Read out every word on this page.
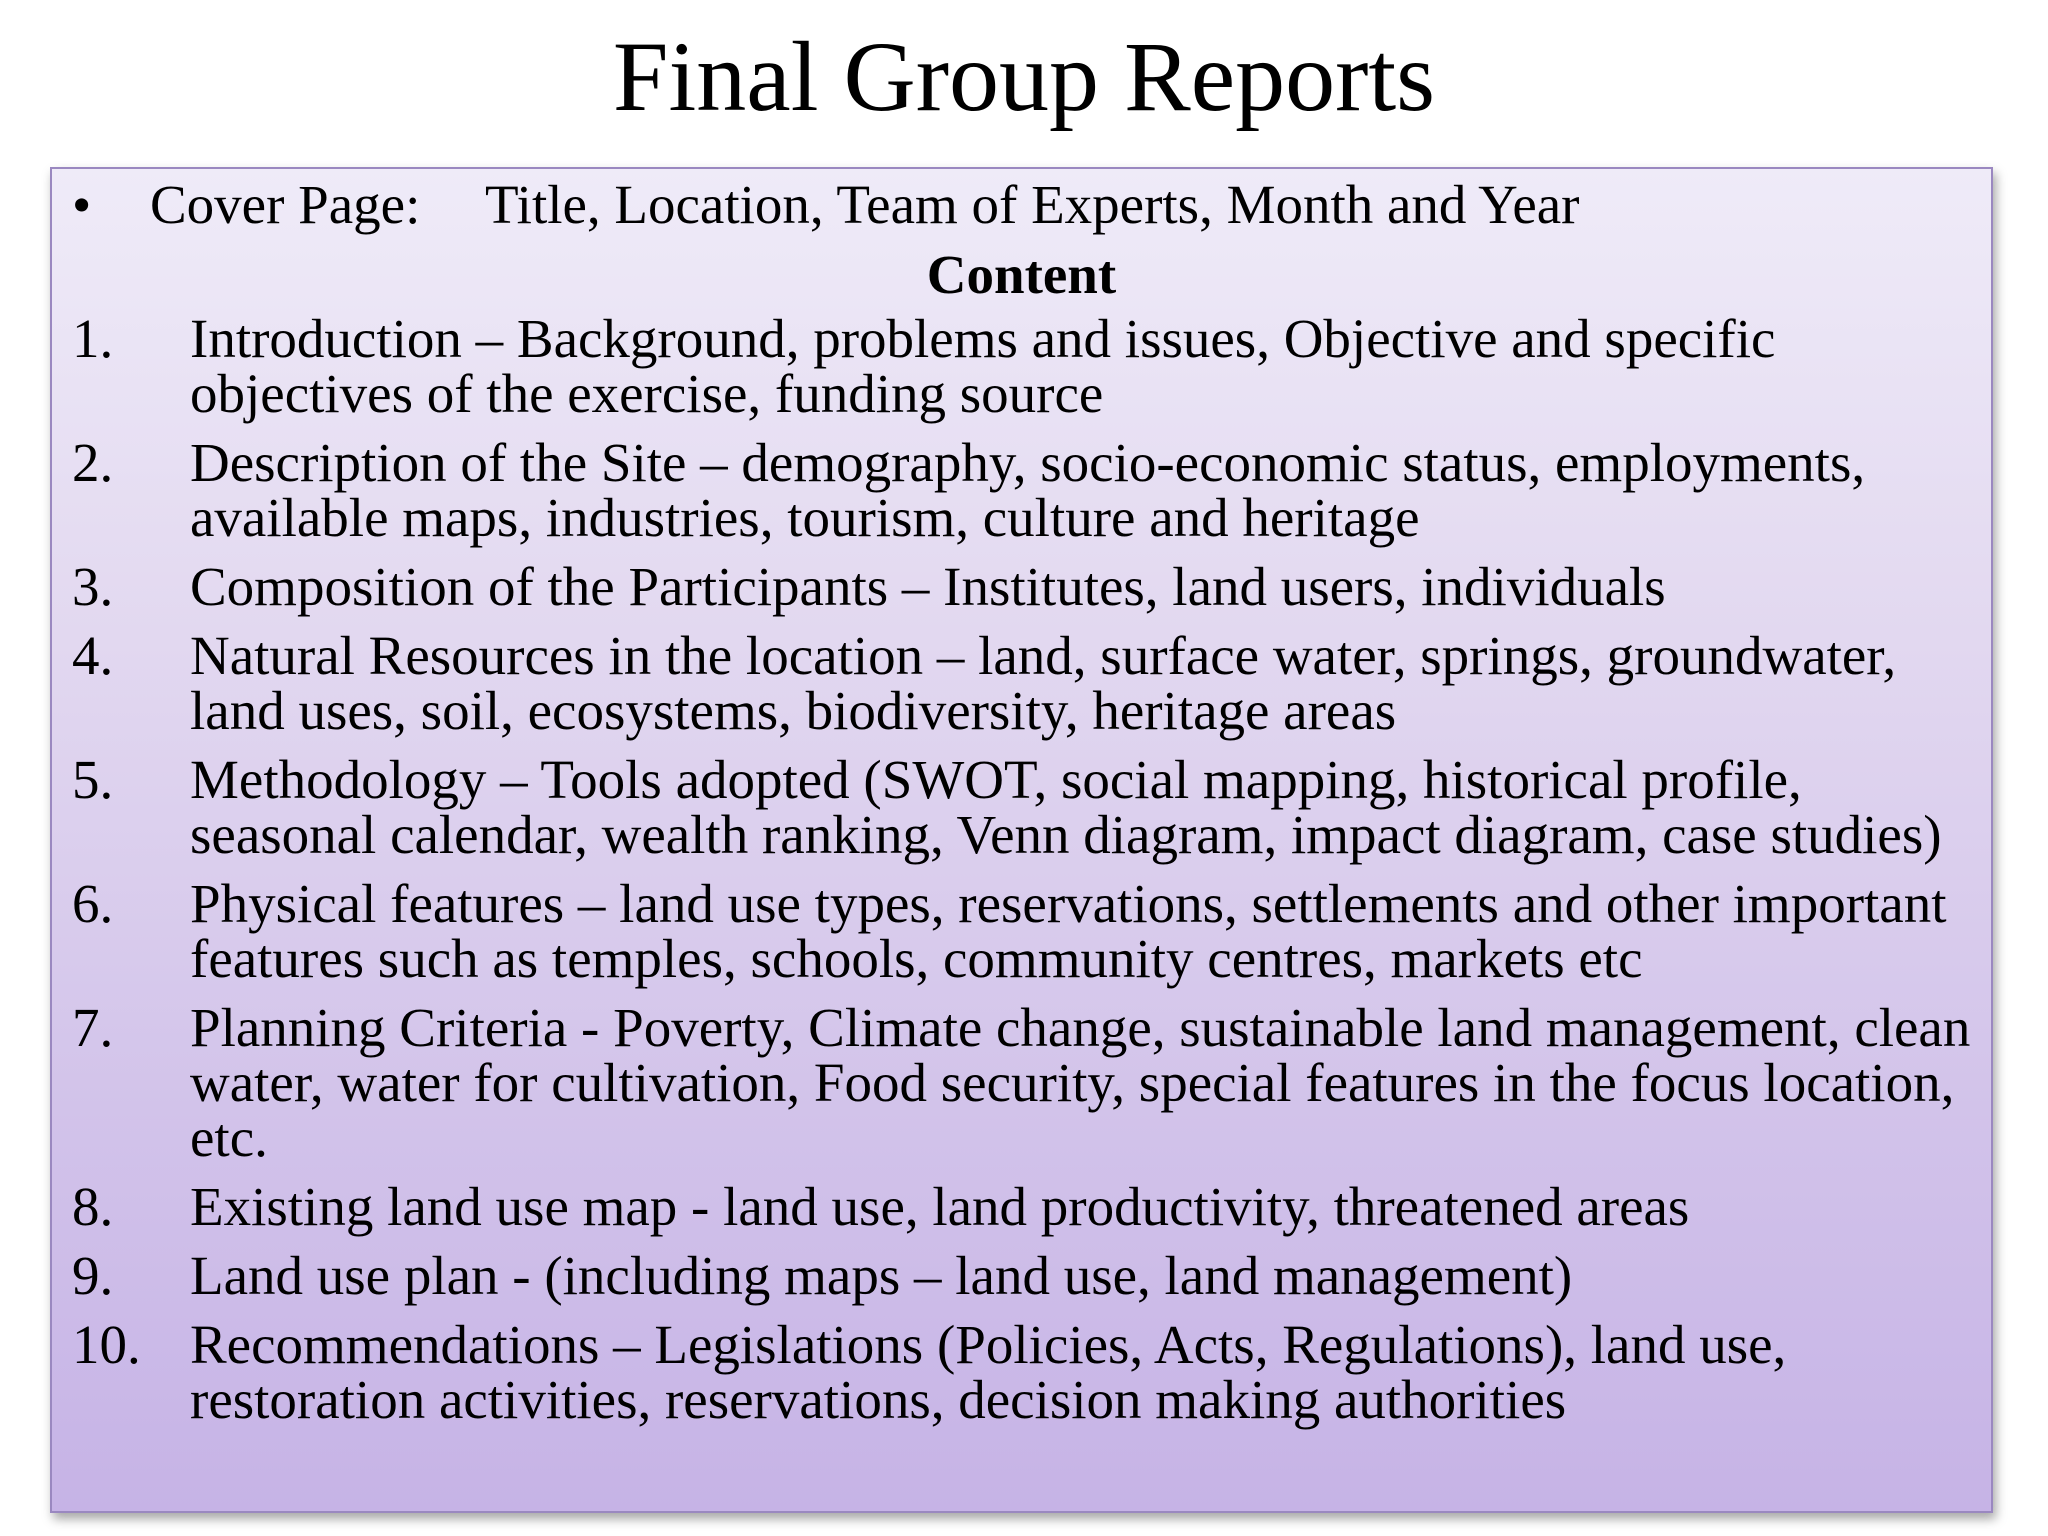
Final Group Reports
• Cover Page: Title, Location, Team of Experts, Month and Year
Content
1. Introduction – Background, problems and issues, Objective and specific objectives of the exercise, funding source
2. Description of the Site – demography, socio-economic status, employments, available maps, industries, tourism, culture and heritage
3. Composition of the Participants – Institutes, land users, individuals
4. Natural Resources in the location – land, surface water, springs, groundwater, land uses, soil, ecosystems, biodiversity, heritage areas
5. Methodology – Tools adopted (SWOT, social mapping, historical profile, seasonal calendar, wealth ranking, Venn diagram, impact diagram, case studies)
6. Physical features – land use types, reservations, settlements and other important features such as temples, schools, community centres, markets etc
7. Planning Criteria - Poverty, Climate change, sustainable land management, clean water, water for cultivation, Food security, special features in the focus location, etc.
8. Existing land use map - land use, land productivity, threatened areas
9. Land use plan - (including maps – land use, land management)
10. Recommendations – Legislations (Policies, Acts, Regulations), land use, restoration activities, reservations, decision making authorities
